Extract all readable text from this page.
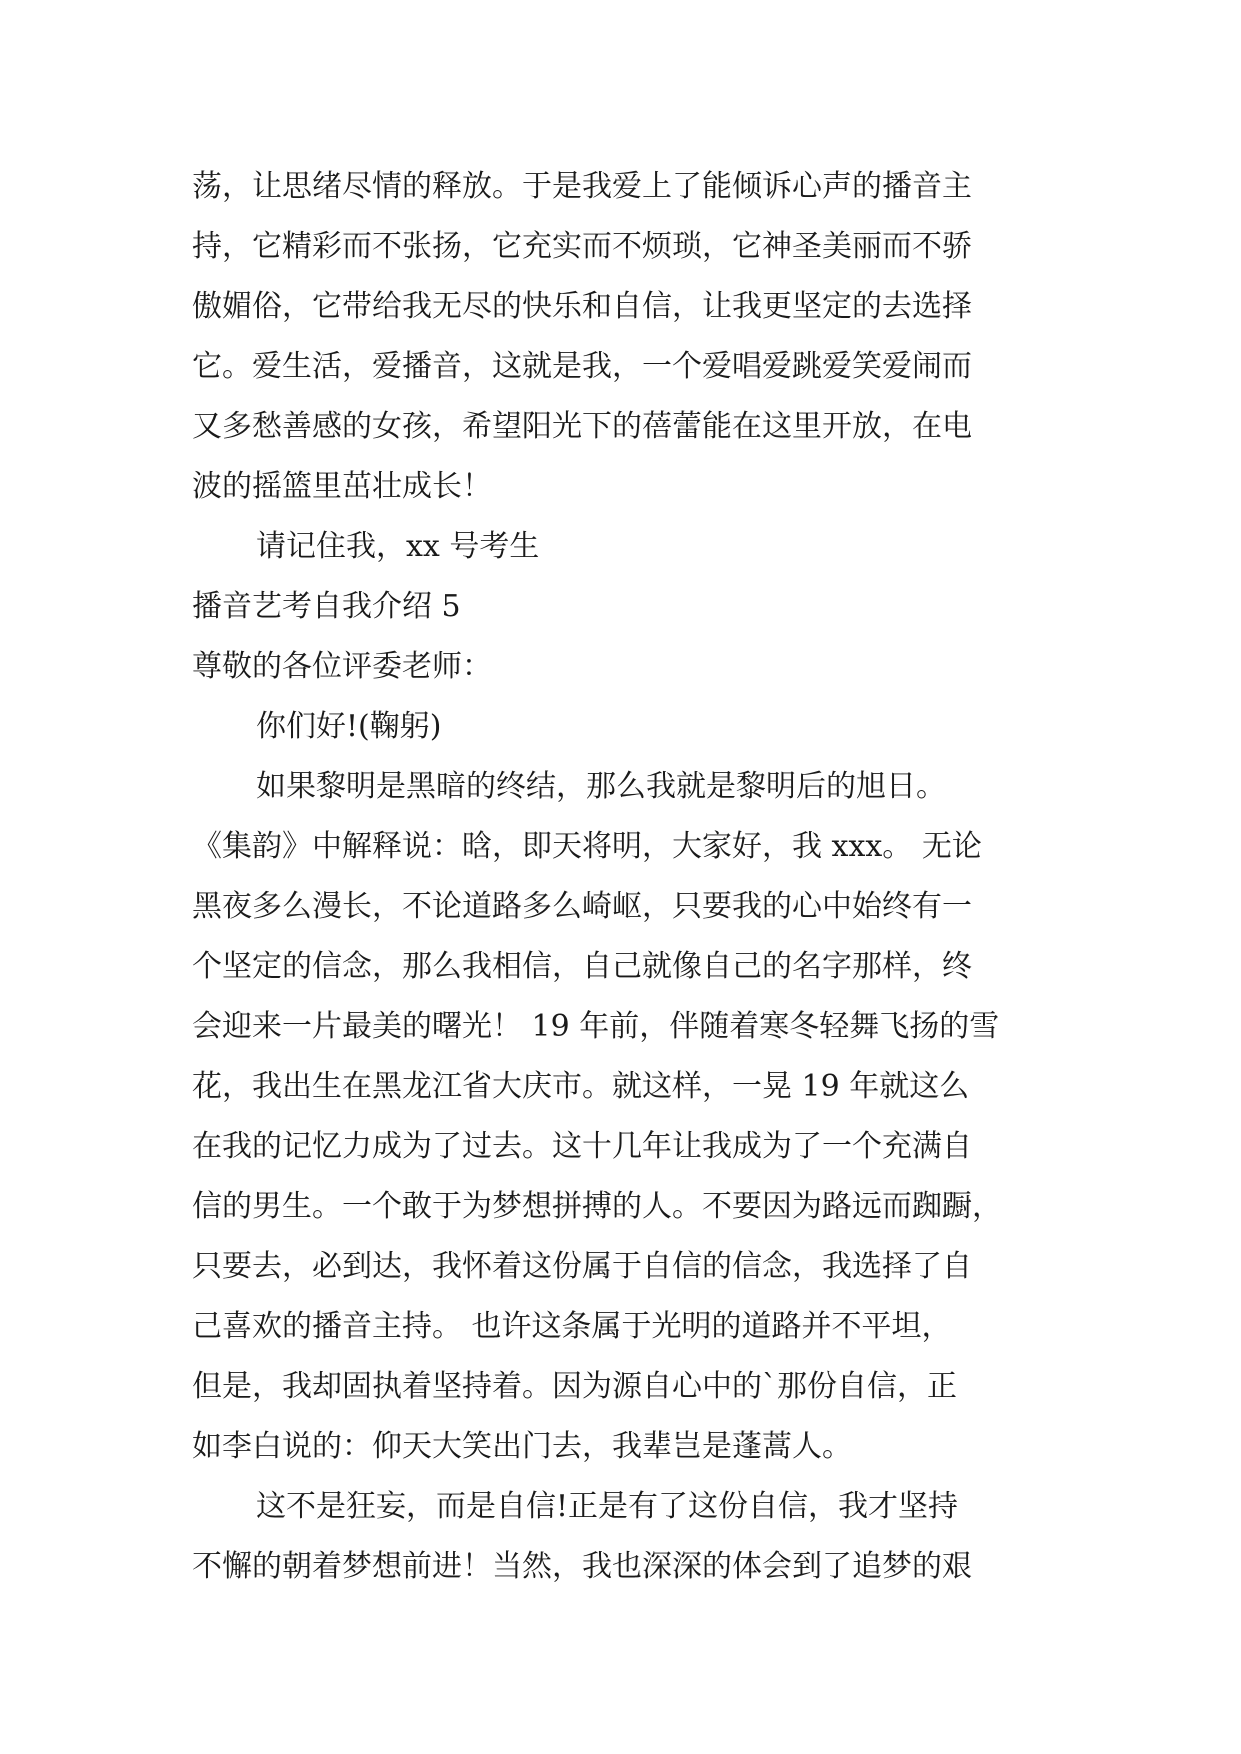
荡，让思绪尽情的释放。于是我爱上了能倾诉心声的播音主
持，它精彩而不张扬，它充实而不烦琐，它神圣美丽而不骄
傲媚俗，它带给我无尽的快乐和自信，让我更坚定的去选择
它。爱生活，爱播音，这就是我，一个爱唱爱跳爱笑爱闹而
又多愁善感的女孩，希望阳光下的蓓蕾能在这里开放，在电
波的摇篮里茁壮成长！
请记住我，xx 号考生
播音艺考自我介绍 5
尊敬的各位评委老师：
你们好!(鞠躬)
如果黎明是黑暗的终结，那么我就是黎明后的旭日。
《集韵》中解释说：晗，即天将明，大家好，我 xxx。 无论
黑夜多么漫长，不论道路多么崎岖，只要我的心中始终有一
个坚定的信念，那么我相信，自己就像自己的名字那样，终
会迎来一片最美的曙光！ 19 年前，伴随着寒冬轻舞飞扬的雪
花，我出生在黑龙江省大庆市。就这样，一晃 19 年就这么
在我的记忆力成为了过去。这十几年让我成为了一个充满自
信的男生。一个敢于为梦想拼搏的人。不要因为路远而踟蹰，
只要去，必到达，我怀着这份属于自信的信念，我选择了自
己喜欢的播音主持。 也许这条属于光明的道路并不平坦，
但是，我却固执着坚持着。因为源自心中的`那份自信，正
如李白说的：仰天大笑出门去，我辈岂是蓬蒿人。
这不是狂妄，而是自信!正是有了这份自信，我才坚持
不懈的朝着梦想前进！当然，我也深深的体会到了追梦的艰
